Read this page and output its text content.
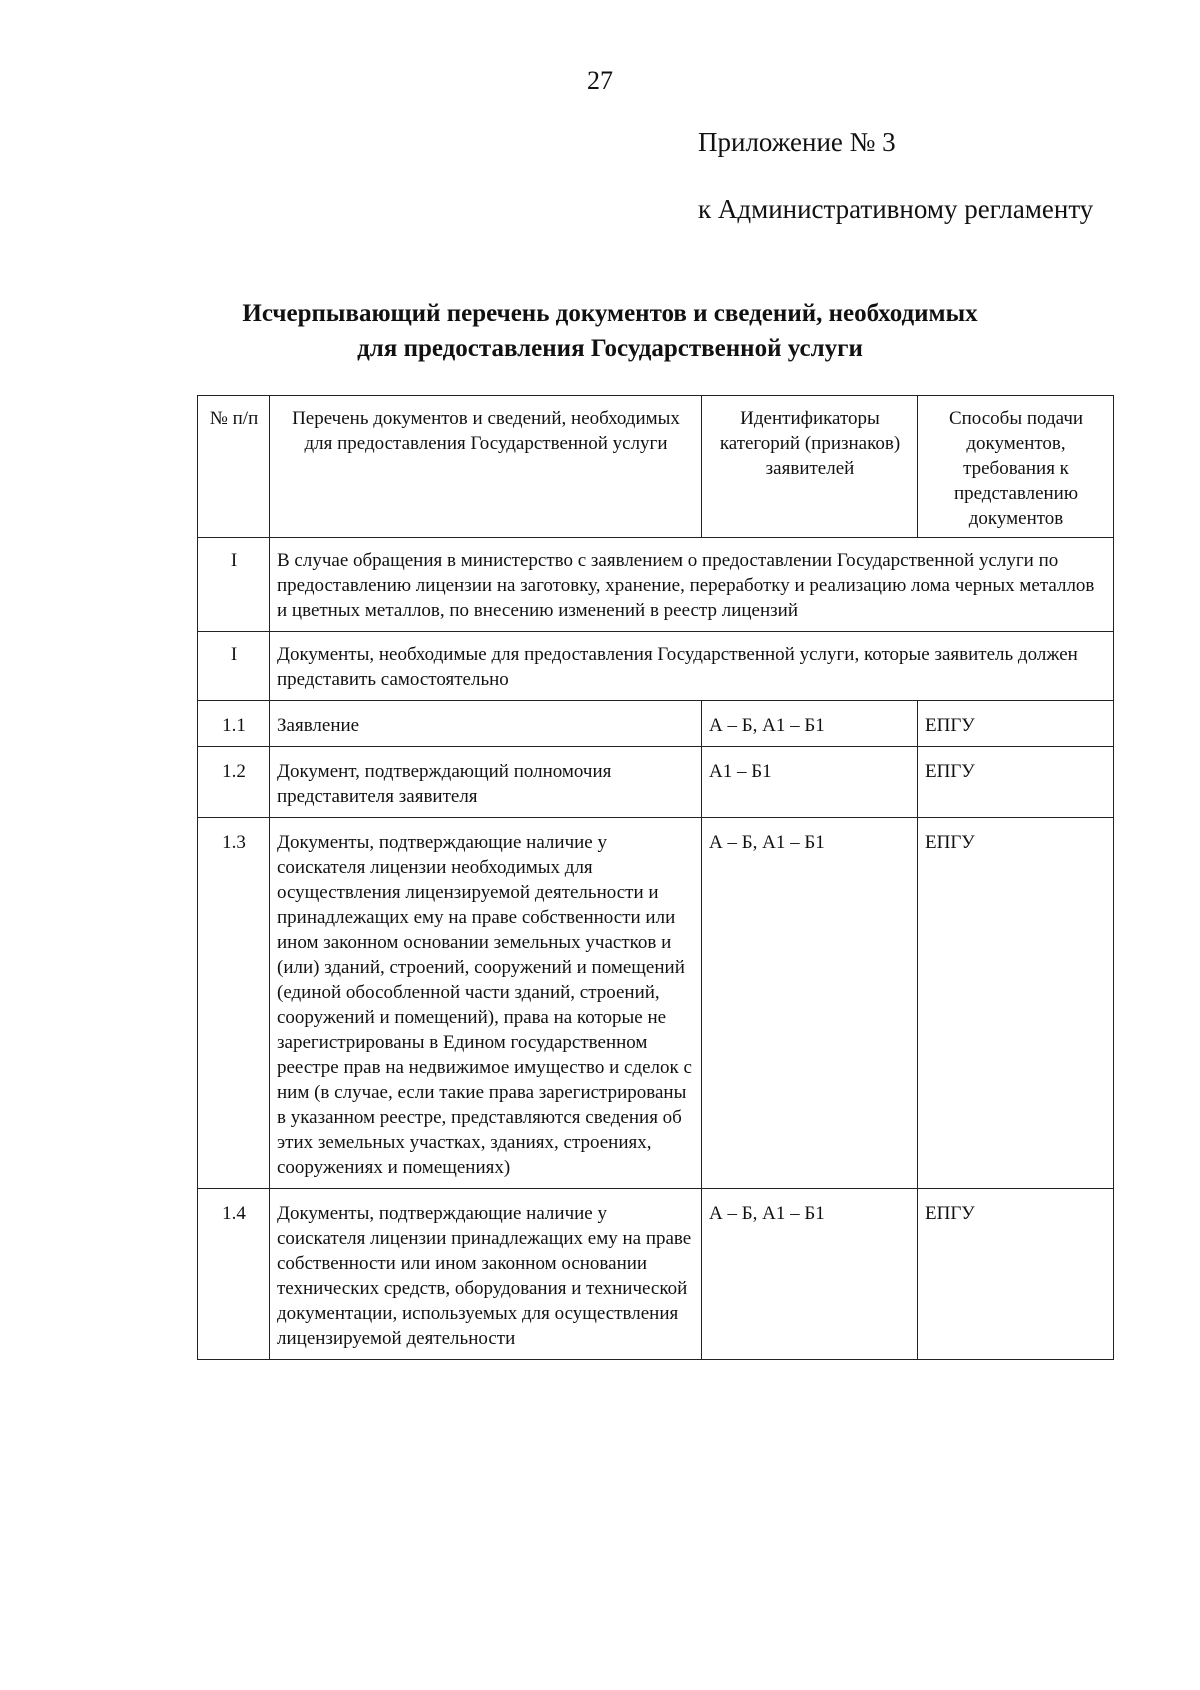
27
Приложение № 3
к Административному регламенту
Исчерпывающий перечень документов и сведений, необходимых
для предоставления Государственной услуги
№ п/п	Перечень документов и сведений, необходимых для предоставления Государственной услуги	Идентификаторы категорий (признаков) заявителей	Способы подачи документов, требования к представлению документов
I	В случае обращения в министерство с заявлением о предоставлении Государственной услуги по предоставлению лицензии на заготовку, хранение, переработку и реализацию лома черных металлов и цветных металлов, по внесению изменений в реестр лицензий		
I	Документы, необходимые для предоставления Государственной услуги, которые заявитель должен представить самостоятельно		
1.1	Заявление	А – Б, А1 – Б1	ЕПГУ
1.2	Документ, подтверждающий полномочия представителя заявителя	А1 – Б1	ЕПГУ
1.3	Документы, подтверждающие наличие у соискателя лицензии необходимых для осуществления лицензируемой деятельности и принадлежащих ему на праве собственности или ином законном основании земельных участков и (или) зданий, строений, сооружений и помещений (единой обособленной части зданий, строений, сооружений и помещений), права на которые не зарегистрированы в Едином государственном реестре прав на недвижимое имущество и сделок с ним (в случае, если такие права зарегистрированы в указанном реестре, представляются сведения об этих земельных участках, зданиях, строениях, сооружениях и помещениях)	А – Б, А1 – Б1	ЕПГУ
1.4	Документы, подтверждающие наличие у соискателя лицензии принадлежащих ему на праве собственности или ином законном основании технических средств, оборудования и технической документации, используемых для осуществления лицензируемой деятельности	А – Б, А1 – Б1	ЕПГУ
